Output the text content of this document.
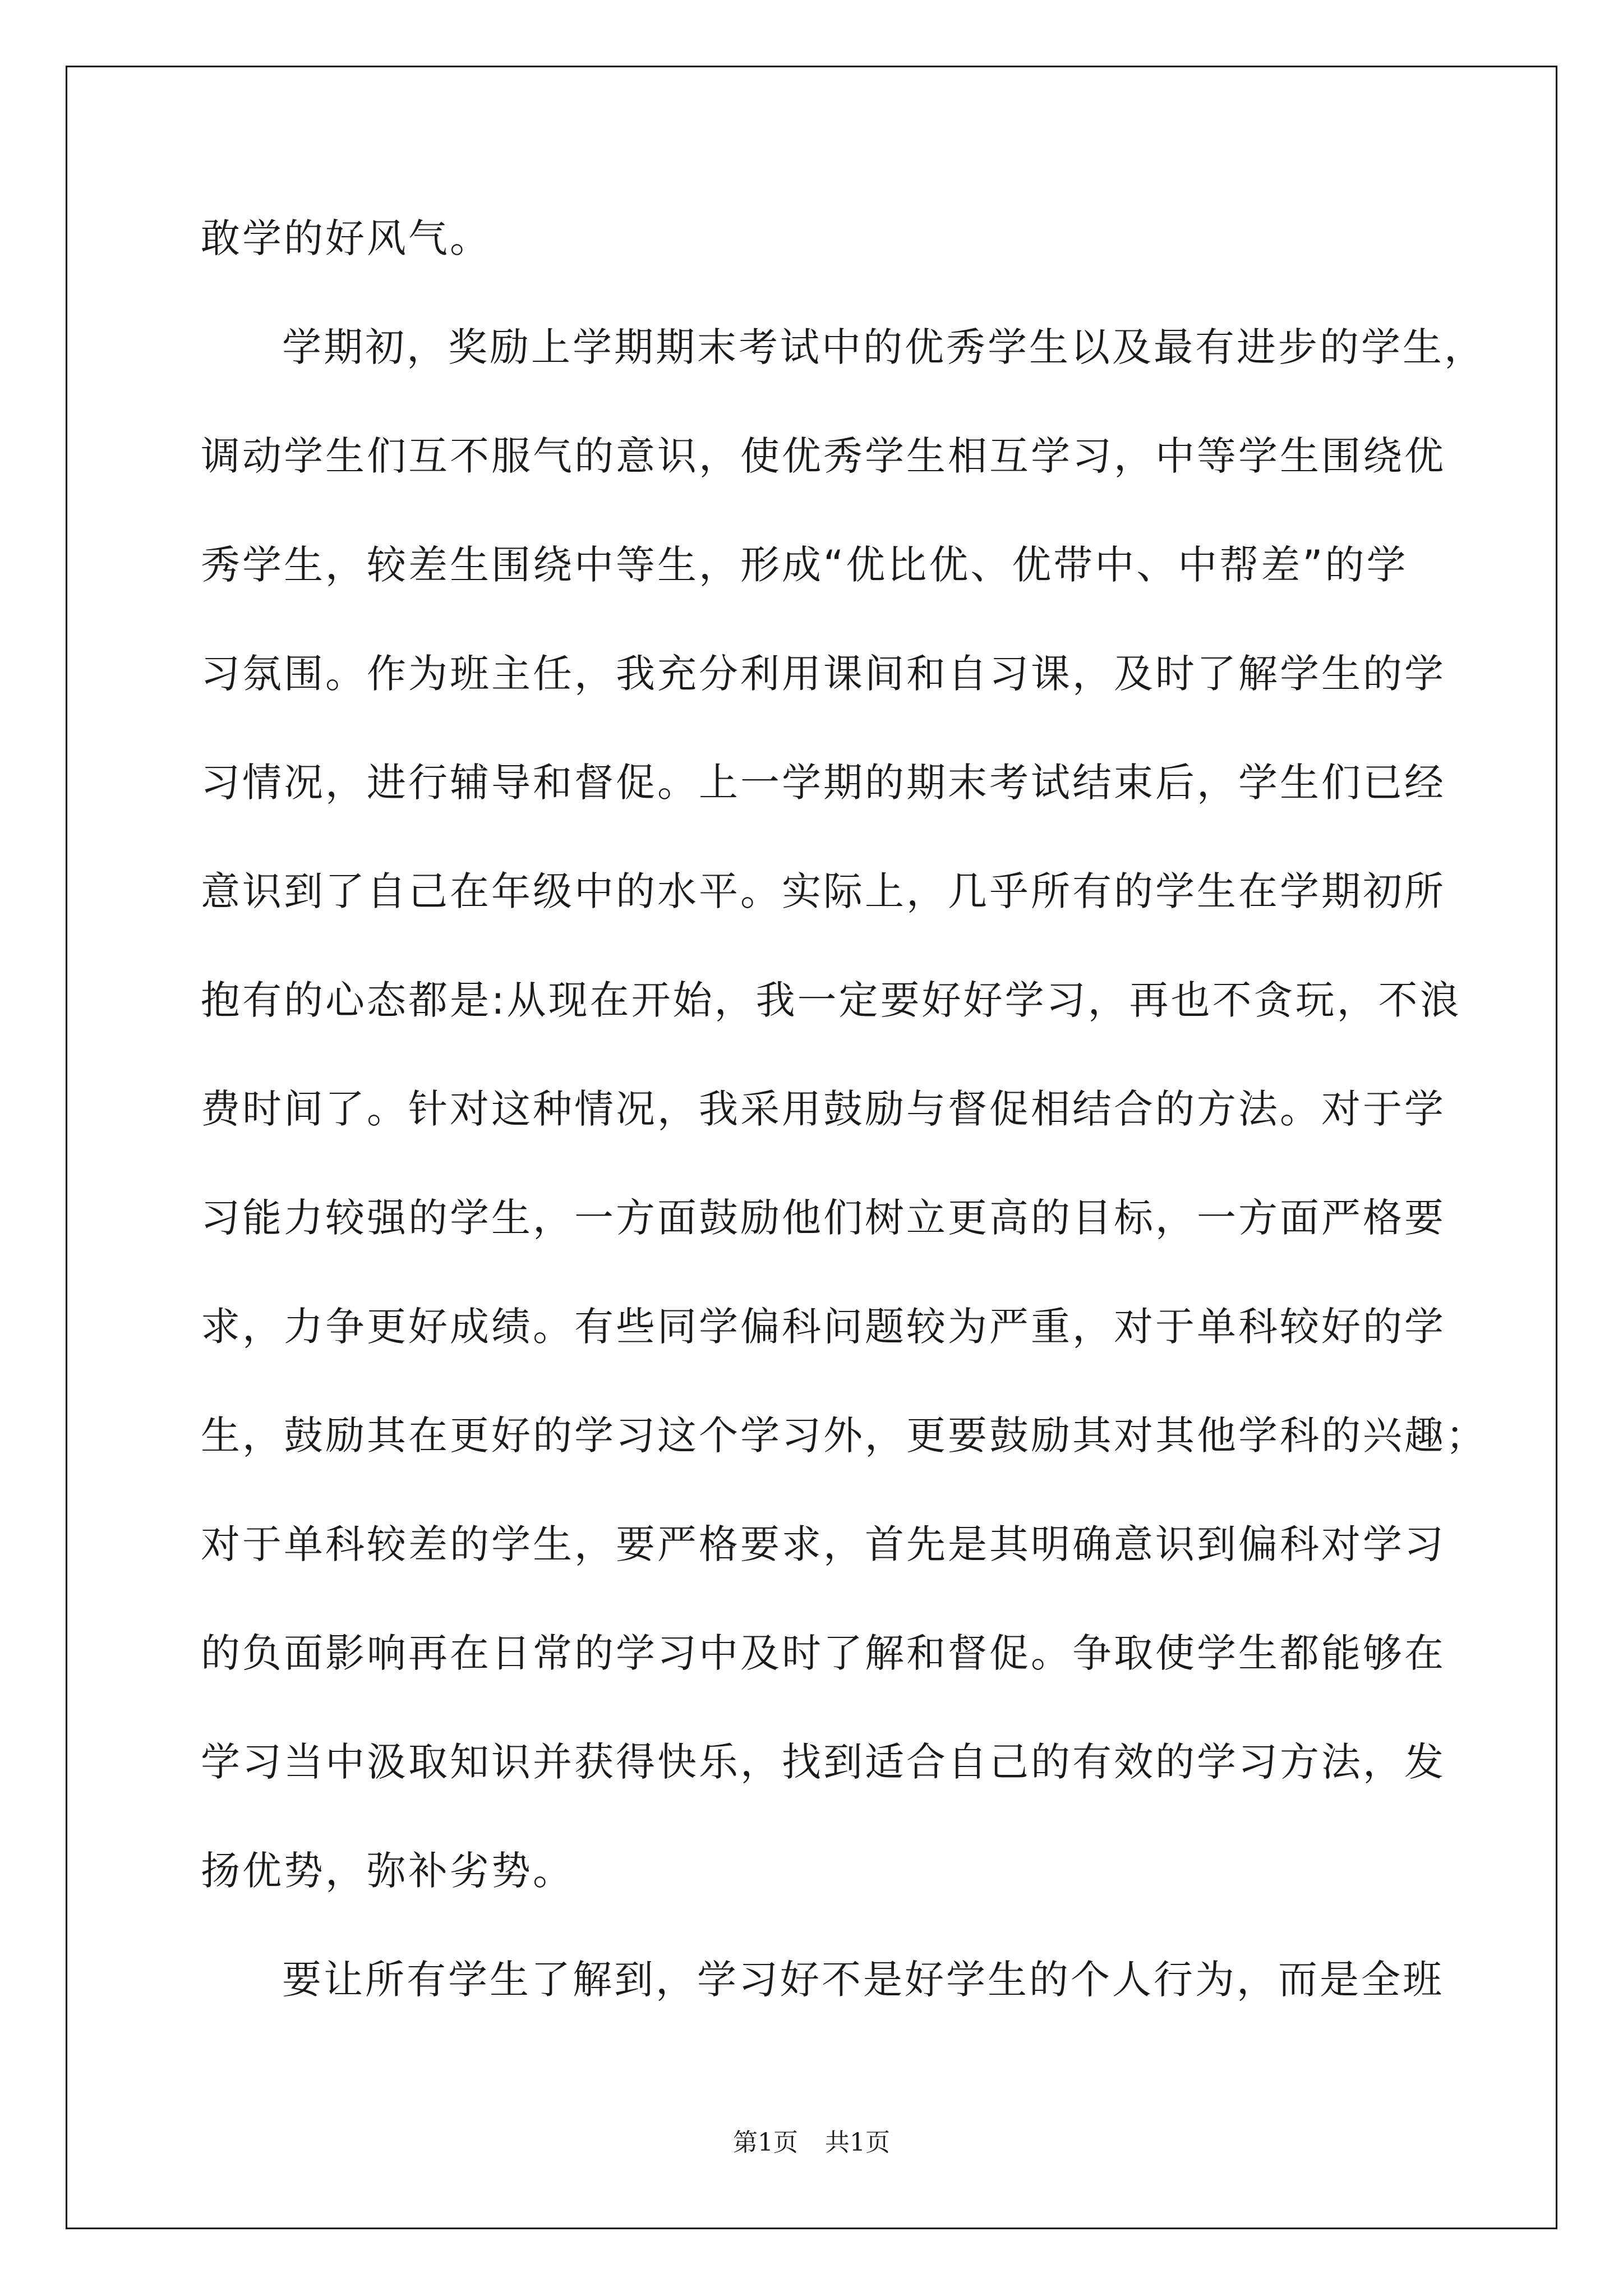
敢学的好风气。
学期初，奖励上学期期末考试中的优秀学生以及最有进步的学生，
调动学生们互不服气的意识，使优秀学生相互学习，中等学生围绕优
秀学生，较差生围绕中等生，形成“优比优、优带中、中帮差”的学
习氛围。作为班主任，我充分利用课间和自习课，及时了解学生的学
习情况，进行辅导和督促。上一学期的期末考试结束后，学生们已经
意识到了自己在年级中的水平。实际上，几乎所有的学生在学期初所
抱有的心态都是:从现在开始，我一定要好好学习，再也不贪玩，不浪
费时间了。针对这种情况，我采用鼓励与督促相结合的方法。对于学
习能力较强的学生，一方面鼓励他们树立更高的目标，一方面严格要
求，力争更好成绩。有些同学偏科问题较为严重，对于单科较好的学
生，鼓励其在更好的学习这个学习外，更要鼓励其对其他学科的兴趣；
对于单科较差的学生，要严格要求，首先是其明确意识到偏科对学习
的负面影响再在日常的学习中及时了解和督促。争取使学生都能够在
学习当中汲取知识并获得快乐，找到适合自己的有效的学习方法，发
扬优势，弥补劣势。
要让所有学生了解到，学习好不是好学生的个人行为，而是全班
第1页 共1页
